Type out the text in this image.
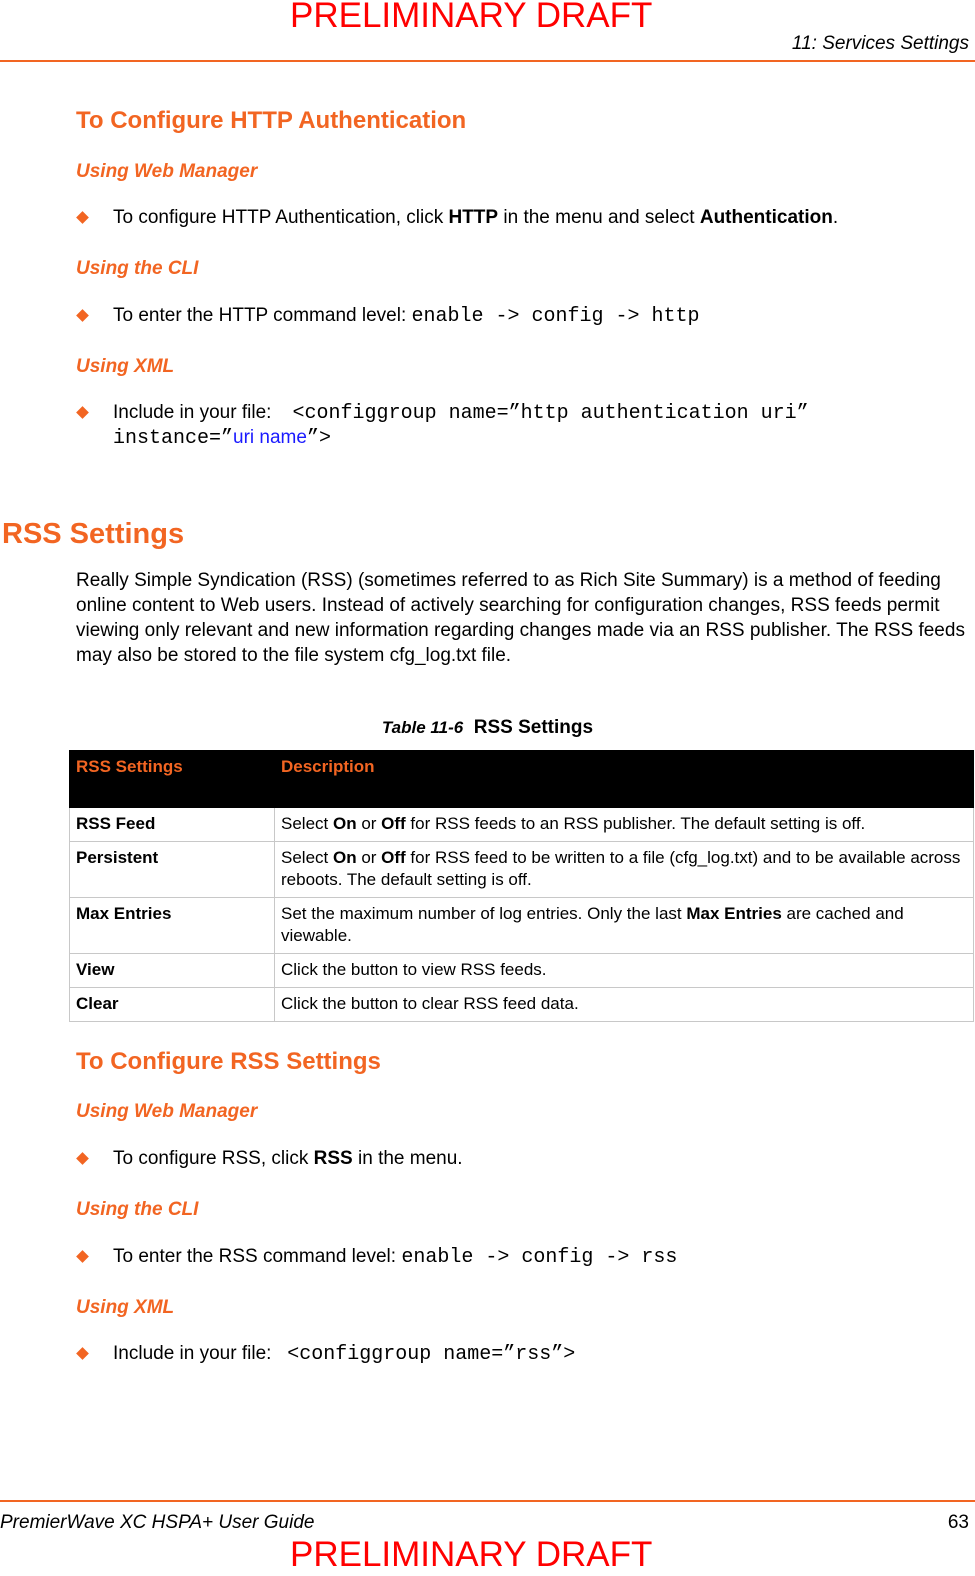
PRELIMINARY DRAFT
11: Services Settings
To Configure HTTP Authentication
Using Web Manager
To configure HTTP Authentication, click HTTP in the menu and select Authentication.
Using the CLI
To enter the HTTP command level: enable -> config -> http
Using XML
Include in your file:    <configgroup name=”http authentication uri”
instance=”uri name”>
RSS Settings
Really Simple Syndication (RSS) (sometimes referred to as Rich Site Summary) is a method of feeding online content to Web users. Instead of actively searching for configuration changes, RSS feeds permit viewing only relevant and new information regarding changes made via an RSS publisher. The RSS feeds may also be stored to the file system cfg_log.txt file.
Table 11-6 RSS Settings
RSS Settings	Description
RSS Feed	Select On or Off for RSS feeds to an RSS publisher. The default setting is off.
Persistent	Select On or Off for RSS feed to be written to a file (cfg_log.txt) and to be available across reboots. The default setting is off.
Max Entries	Set the maximum number of log entries. Only the last Max Entries are cached and viewable.
View	Click the button to view RSS feeds.
Clear	Click the button to clear RSS feed data.
To Configure RSS Settings
Using Web Manager
To configure RSS, click RSS in the menu.
Using the CLI
To enter the RSS command level: enable -> config -> rss
Using XML
Include in your file:   <configgroup name=”rss”>
PremierWave XC HSPA+ User Guide	63
PRELIMINARY DRAFT
